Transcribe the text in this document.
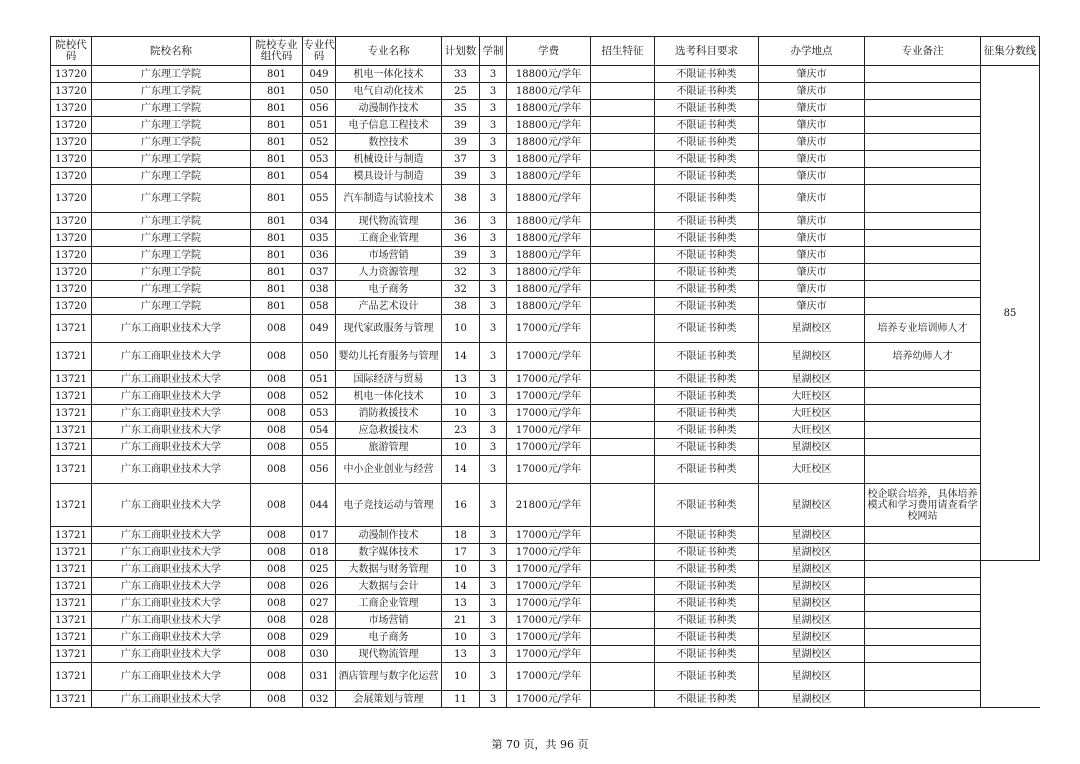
院校代码	院校名称	院校专业组代码	专业代码	专业名称	计划数	学制	学费	招生特征	选考科目要求	办学地点	专业备注	征集分数线
13720	广东理工学院	801	049	机电一体化技术	33	3	18800元/学年		不限证书种类	肇庆市		85
13720	广东理工学院	801	050	电气自动化技术	25	3	18800元/学年		不限证书种类	肇庆市		
13720	广东理工学院	801	056	动漫制作技术	35	3	18800元/学年		不限证书种类	肇庆市		
13720	广东理工学院	801	051	电子信息工程技术	39	3	18800元/学年		不限证书种类	肇庆市		
13720	广东理工学院	801	052	数控技术	39	3	18800元/学年		不限证书种类	肇庆市		
13720	广东理工学院	801	053	机械设计与制造	37	3	18800元/学年		不限证书种类	肇庆市		
13720	广东理工学院	801	054	模具设计与制造	39	3	18800元/学年		不限证书种类	肇庆市		
13720	广东理工学院	801	055	汽车制造与试验技术	38	3	18800元/学年		不限证书种类	肇庆市		
13720	广东理工学院	801	034	现代物流管理	36	3	18800元/学年		不限证书种类	肇庆市		
13720	广东理工学院	801	035	工商企业管理	36	3	18800元/学年		不限证书种类	肇庆市		
13720	广东理工学院	801	036	市场营销	39	3	18800元/学年		不限证书种类	肇庆市		
13720	广东理工学院	801	037	人力资源管理	32	3	18800元/学年		不限证书种类	肇庆市		
13720	广东理工学院	801	038	电子商务	32	3	18800元/学年		不限证书种类	肇庆市		
13720	广东理工学院	801	058	产品艺术设计	38	3	18800元/学年		不限证书种类	肇庆市		
13721	广东工商职业技术大学	008	049	现代家政服务与管理	10	3	17000元/学年		不限证书种类	星湖校区	培养专业培训师人才	
13721	广东工商职业技术大学	008	050	婴幼儿托育服务与管理	14	3	17000元/学年		不限证书种类	星湖校区	培养幼师人才	
13721	广东工商职业技术大学	008	051	国际经济与贸易	13	3	17000元/学年		不限证书种类	星湖校区		
13721	广东工商职业技术大学	008	052	机电一体化技术	10	3	17000元/学年		不限证书种类	大旺校区		
13721	广东工商职业技术大学	008	053	消防救援技术	10	3	17000元/学年		不限证书种类	大旺校区		
13721	广东工商职业技术大学	008	054	应急救援技术	23	3	17000元/学年		不限证书种类	大旺校区		
13721	广东工商职业技术大学	008	055	旅游管理	10	3	17000元/学年		不限证书种类	星湖校区		
13721	广东工商职业技术大学	008	056	中小企业创业与经营	14	3	17000元/学年		不限证书种类	大旺校区		
13721	广东工商职业技术大学	008	044	电子竞技运动与管理	16	3	21800元/学年		不限证书种类	星湖校区	校企联合培养，具体培养模式和学习费用请查看学校网站	
13721	广东工商职业技术大学	008	017	动漫制作技术	18	3	17000元/学年		不限证书种类	星湖校区		
13721	广东工商职业技术大学	008	018	数字媒体技术	17	3	17000元/学年		不限证书种类	星湖校区		
13721	广东工商职业技术大学	008	025	大数据与财务管理	10	3	17000元/学年		不限证书种类	星湖校区		
13721	广东工商职业技术大学	008	026	大数据与会计	14	3	17000元/学年		不限证书种类	星湖校区		
13721	广东工商职业技术大学	008	027	工商企业管理	13	3	17000元/学年		不限证书种类	星湖校区		
13721	广东工商职业技术大学	008	028	市场营销	21	3	17000元/学年		不限证书种类	星湖校区		
13721	广东工商职业技术大学	008	029	电子商务	10	3	17000元/学年		不限证书种类	星湖校区		
13721	广东工商职业技术大学	008	030	现代物流管理	13	3	17000元/学年		不限证书种类	星湖校区		
13721	广东工商职业技术大学	008	031	酒店管理与数字化运营	10	3	17000元/学年		不限证书种类	星湖校区		
13721	广东工商职业技术大学	008	032	会展策划与管理	11	3	17000元/学年		不限证书种类	星湖校区		
第 70 页，共 96 页
